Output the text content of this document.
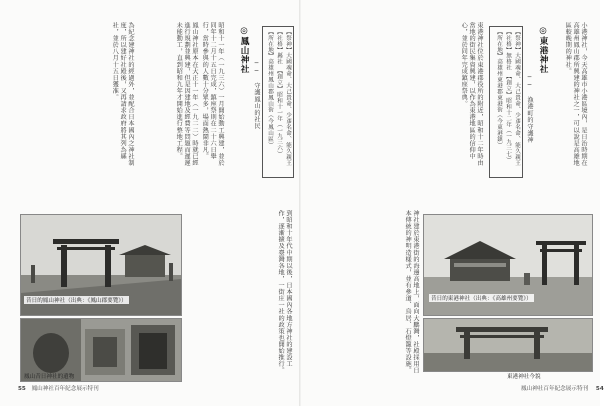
為紀念建神社的經過外，並配合日本國內之神社制度，所以建好社殿後，又再請求政府將其列為縣社，並於八月十五日獲准。	鳳山神社原本在大正十一年（一九二二）時就已經進行規劃並興建，但是因建地及經費等問題而遲遲未能動工，直到昭和九年才開始進行整地工程。	昭和十一年（一九三六）一月開始動工興建，並於同年十二月十五日完成，鎮座祭則在二十六日舉行，當時參與的人數十分眾多，場面熱鬧非凡。	◎鳳山神社
── 守護鳳山的社民	【祭神】大國魂命、大己貴命、少彥名命、能久親王 【社格】縣社　【創立】昭和十一年（一九三六） 【所在地】高雄州鳳山郡鳳山街（今鳳山區）
昔日的鳳山神社（出典：《鳳山郡要覽》）
鳳山昔日神社的遺物
到昭和十年代中期以後，日本國內各地方神社的建設工作，逐漸擴及臺灣各地，一街庄一社的政策也開始推行。
55 鳳山神社百年紀念展示特刊
小港神社，今天高雄市小港區境內，是日治時期在高雄州鳳山郡所興建的神社之一，可以說是高雄地區較晚期的神社。
◎東港神社
── 漁港町的守護神
【祭神】大國魂命、大己貴命、少彥名命、能久親王 【社格】無格社　【創立】昭和十二年（一九三七） 【所在地】高雄州東港郡東港街（今東港鎮）
東港神社位於東港郡役所的附近，昭和十二年時由當地的街民集資興建，以作為東港地區的信仰中心，並於同年完成鎮座祭典。
神社建於東港街的海邊高地上，面向大鵬灣，社殿採用日本傳統的神明造樣式，並有參道、鳥居、石燈籠等設施。	昔日的東港神社（出典：《高雄州要覽》）
東港神社今貌
鳳山神社百年紀念展示特刊 54
